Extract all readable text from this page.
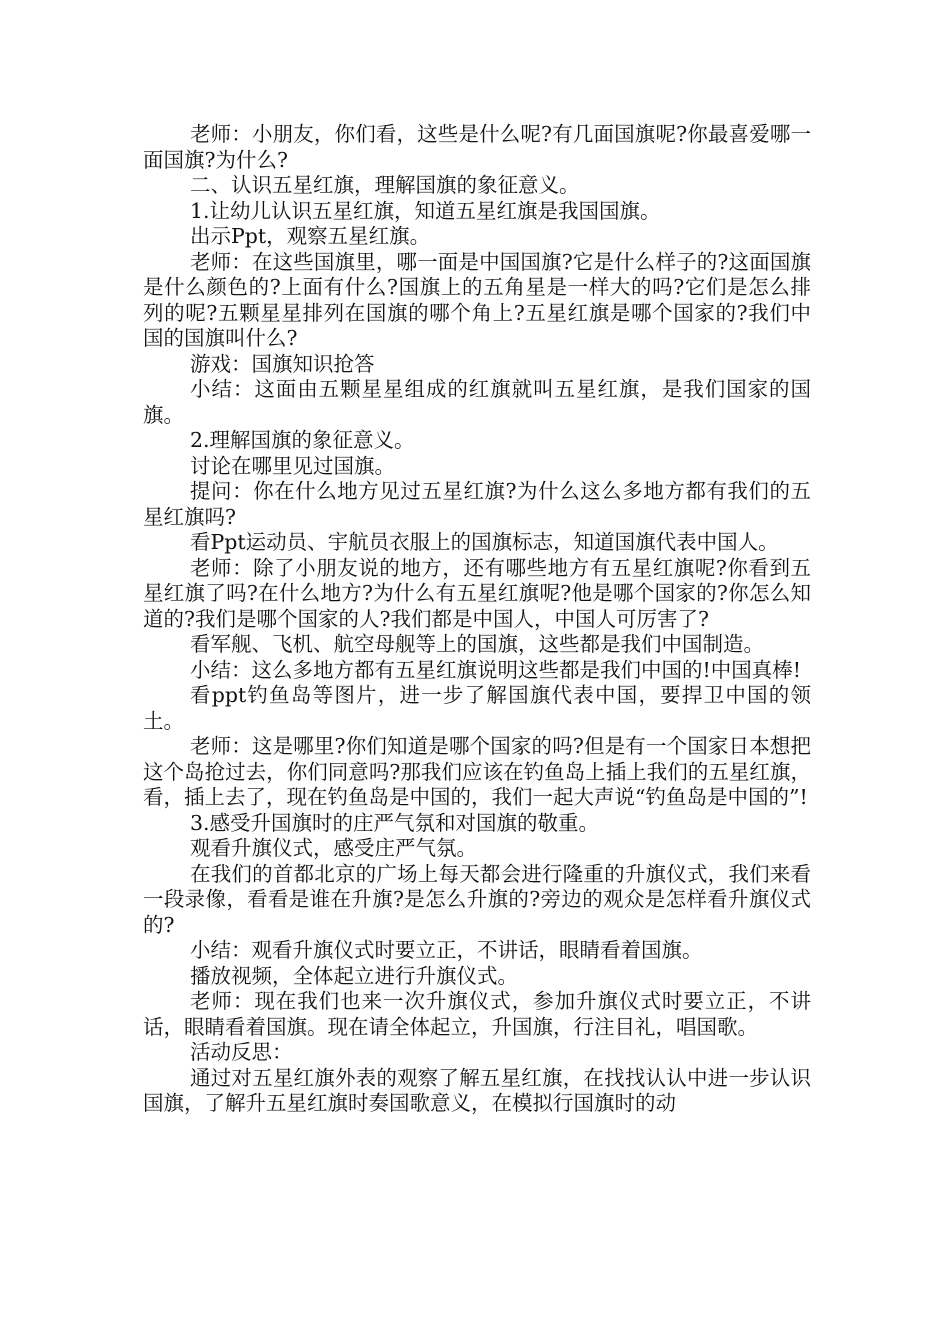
老师：小朋友，你们看，这些是什么呢?有几面国旗呢?你最喜爱哪一面国旗?为什么?

二、认识五星红旗，理解国旗的象征意义。

1.让幼儿认识五星红旗，知道五星红旗是我国国旗。

出示Ppt，观察五星红旗。

老师：在这些国旗里，哪一面是中国国旗?它是什么样子的?这面国旗是什么颜色的?上面有什么?国旗上的五角星是一样大的吗?它们是怎么排列的呢?五颗星星排列在国旗的哪个角上?五星红旗是哪个国家的?我们中国的国旗叫什么?

游戏：国旗知识抢答

小结：这面由五颗星星组成的红旗就叫五星红旗，是我们国家的国旗。

2.理解国旗的象征意义。

讨论在哪里见过国旗。

提问：你在什么地方见过五星红旗?为什么这么多地方都有我们的五星红旗吗?

看Ppt运动员、宇航员衣服上的国旗标志，知道国旗代表中国人。

老师：除了小朋友说的地方，还有哪些地方有五星红旗呢?你看到五星红旗了吗?在什么地方?为什么有五星红旗呢?他是哪个国家的?你怎么知道的?我们是哪个国家的人?我们都是中国人，中国人可厉害了?

看军舰、飞机、航空母舰等上的国旗，这些都是我们中国制造。

小结：这么多地方都有五星红旗说明这些都是我们中国的!中国真棒!

看ppt钓鱼岛等图片，进一步了解国旗代表中国，要捍卫中国的领土。

老师：这是哪里?你们知道是哪个国家的吗?但是有一个国家日本想把这个岛抢过去，你们同意吗?那我们应该在钓鱼岛上插上我们的五星红旗，看，插上去了，现在钓鱼岛是中国的，我们一起大声说“钓鱼岛是中国的”!

3.感受升国旗时的庄严气氛和对国旗的敬重。

观看升旗仪式，感受庄严气氛。

在我们的首都北京的广场上每天都会进行隆重的升旗仪式，我们来看一段录像，看看是谁在升旗?是怎么升旗的?旁边的观众是怎样看升旗仪式的?

小结：观看升旗仪式时要立正，不讲话，眼睛看着国旗。

播放视频，全体起立进行升旗仪式。

老师：现在我们也来一次升旗仪式，参加升旗仪式时要立正，不讲话，眼睛看着国旗。现在请全体起立，升国旗，行注目礼，唱国歌。

活动反思：

通过对五星红旗外表的观察了解五星红旗，在找找认认中进一步认识国旗，了解升五星红旗时奏国歌意义，在模拟行国旗时的动
